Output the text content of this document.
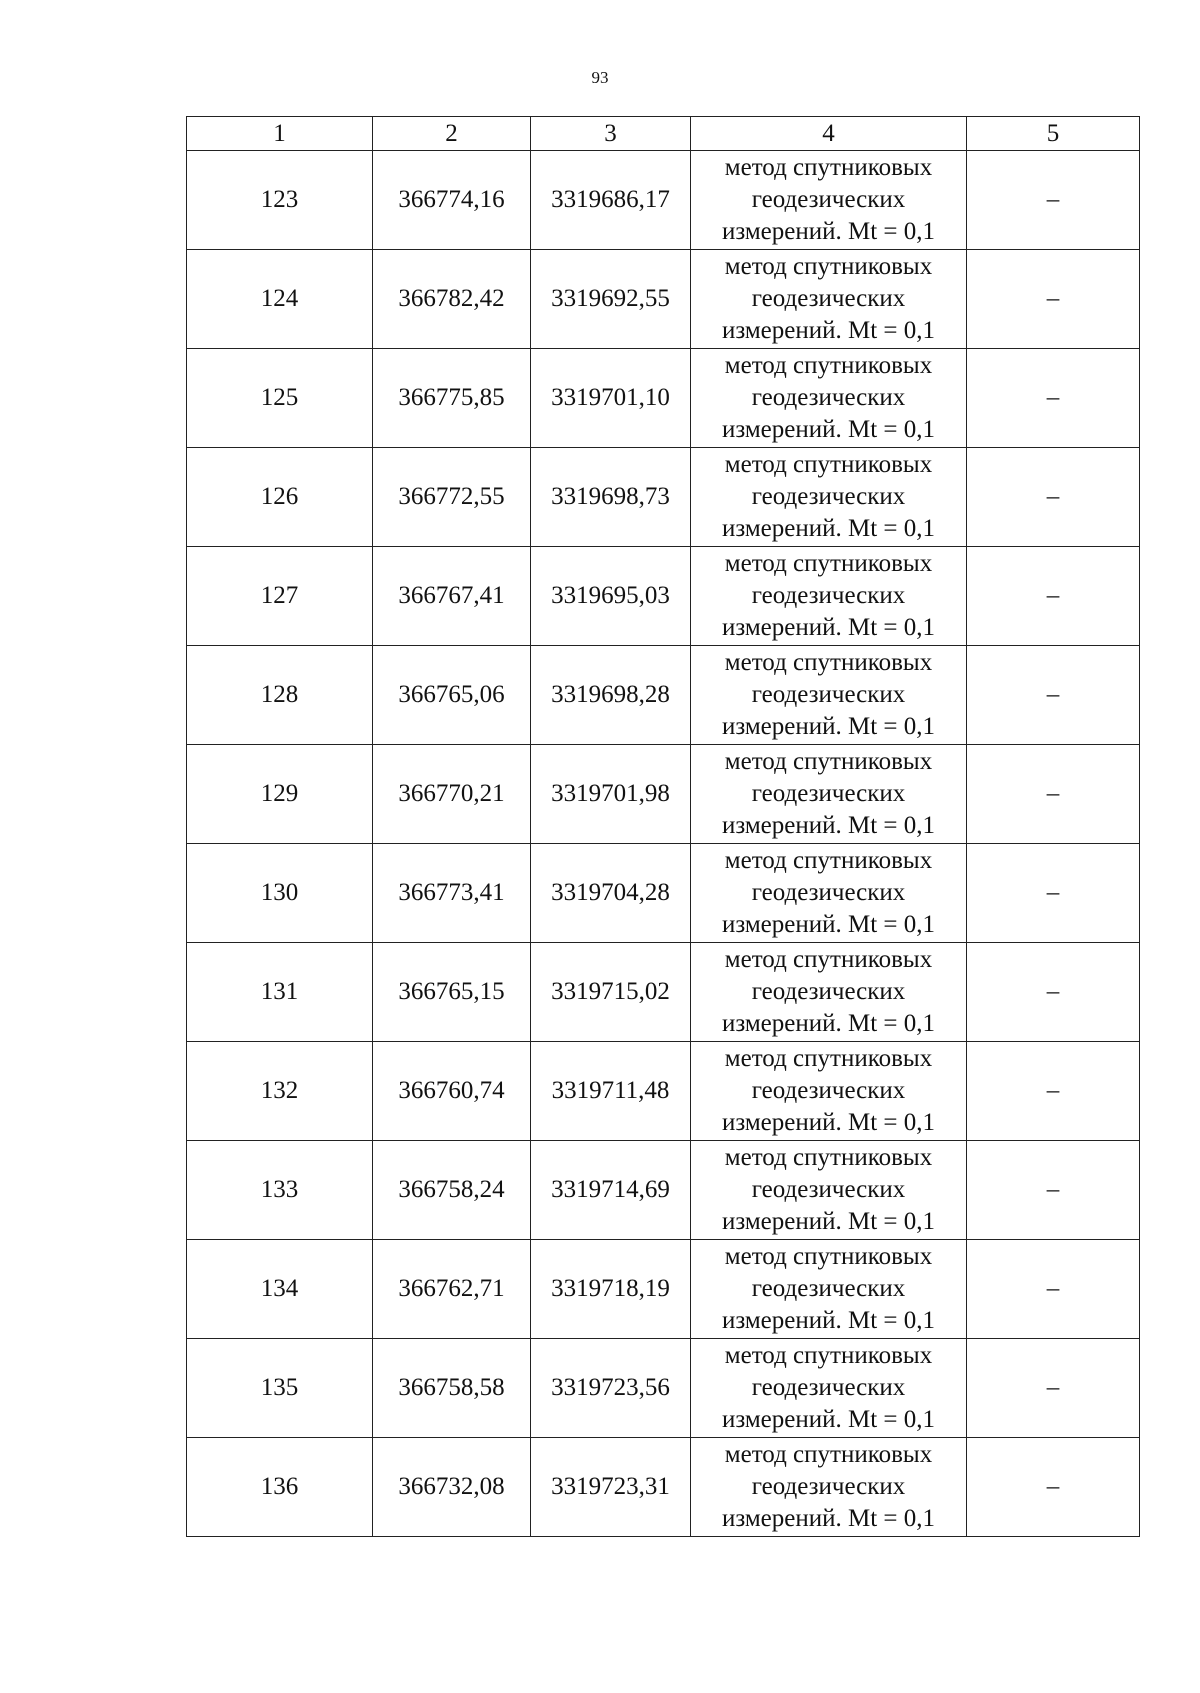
93
1	2	3	4	5
123	366774,16	3319686,17	метод спутниковых геодезических измерений. Mt = 0,1	–
124	366782,42	3319692,55	метод спутниковых геодезических измерений. Mt = 0,1	–
125	366775,85	3319701,10	метод спутниковых геодезических измерений. Mt = 0,1	–
126	366772,55	3319698,73	метод спутниковых геодезических измерений. Mt = 0,1	–
127	366767,41	3319695,03	метод спутниковых геодезических измерений. Mt = 0,1	–
128	366765,06	3319698,28	метод спутниковых геодезических измерений. Mt = 0,1	–
129	366770,21	3319701,98	метод спутниковых геодезических измерений. Mt = 0,1	–
130	366773,41	3319704,28	метод спутниковых геодезических измерений. Mt = 0,1	–
131	366765,15	3319715,02	метод спутниковых геодезических измерений. Mt = 0,1	–
132	366760,74	3319711,48	метод спутниковых геодезических измерений. Mt = 0,1	–
133	366758,24	3319714,69	метод спутниковых геодезических измерений. Mt = 0,1	–
134	366762,71	3319718,19	метод спутниковых геодезических измерений. Mt = 0,1	–
135	366758,58	3319723,56	метод спутниковых геодезических измерений. Mt = 0,1	–
136	366732,08	3319723,31	метод спутниковых геодезических измерений. Mt = 0,1	–
